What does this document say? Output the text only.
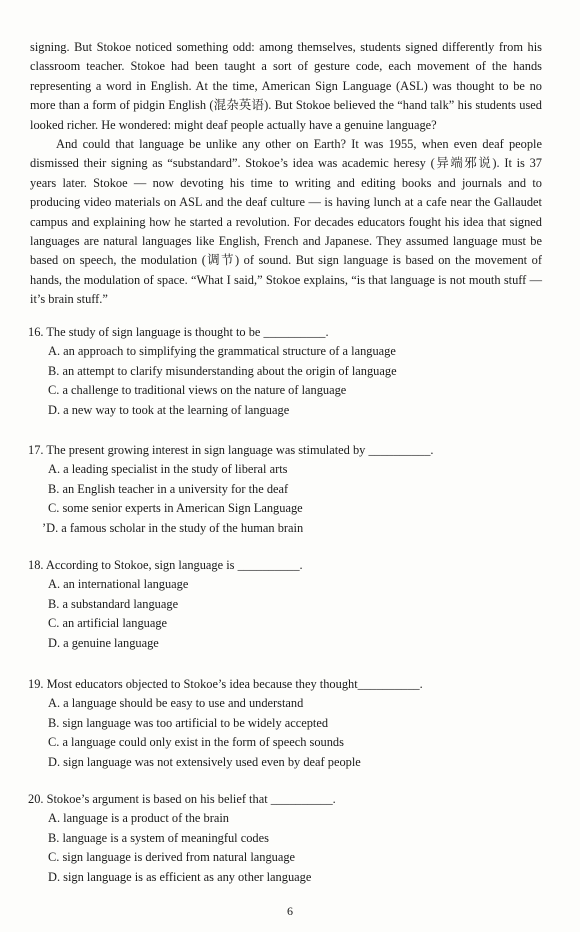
signing. But Stokoe noticed something odd: among themselves, students signed differently from his classroom teacher. Stokoe had been taught a sort of gesture code, each movement of the hands representing a word in English. At the time, American Sign Language (ASL) was thought to be no more than a form of pidgin English (混杂英语). But Stokoe believed the “hand talk” his students used looked richer. He wondered: might deaf people actually have a genuine language?

And could that language be unlike any other on Earth? It was 1955, when even deaf people dismissed their signing as “substandard”. Stokoe’s idea was academic heresy (异端邪说). It is 37 years later. Stokoe — now devoting his time to writing and editing books and journals and to producing video materials on ASL and the deaf culture — is having lunch at a cafe near the Gallaudet campus and explaining how he started a revolution. For decades educators fought his idea that signed languages are natural languages like English, French and Japanese. They assumed language must be based on speech, the modulation (调节) of sound. But sign language is based on the movement of hands, the modulation of space. “What I said,” Stokoe explains, “is that language is not mouth stuff — it’s brain stuff.”

16. The study of sign language is thought to be __________.

A. an approach to simplifying the grammatical structure of a language
B. an attempt to clarify misunderstanding about the origin of language
C. a challenge to traditional views on the nature of language
D. a new way to took at the learning of language

17. The present growing interest in sign language was stimulated by __________.

A. a leading specialist in the study of liberal arts
B. an English teacher in a university for the deaf
C. some senior experts in American Sign Language
ʼD. a famous scholar in the study of the human brain

18. According to Stokoe, sign language is __________.

A. an international language
B. a substandard language
C. an artificial language
D. a genuine language

19. Most educators objected to Stokoe’s idea because they thought__________.

A. a language should be easy to use and understand
B. sign language was too artificial to be widely accepted
C. a language could only exist in the form of speech sounds
D. sign language was not extensively used even by deaf people

20. Stokoe’s argument is based on his belief that __________.

A. language is a product of the brain
B. language is a system of meaningful codes
C. sign language is derived from natural language
D. sign language is as efficient as any other language
6
